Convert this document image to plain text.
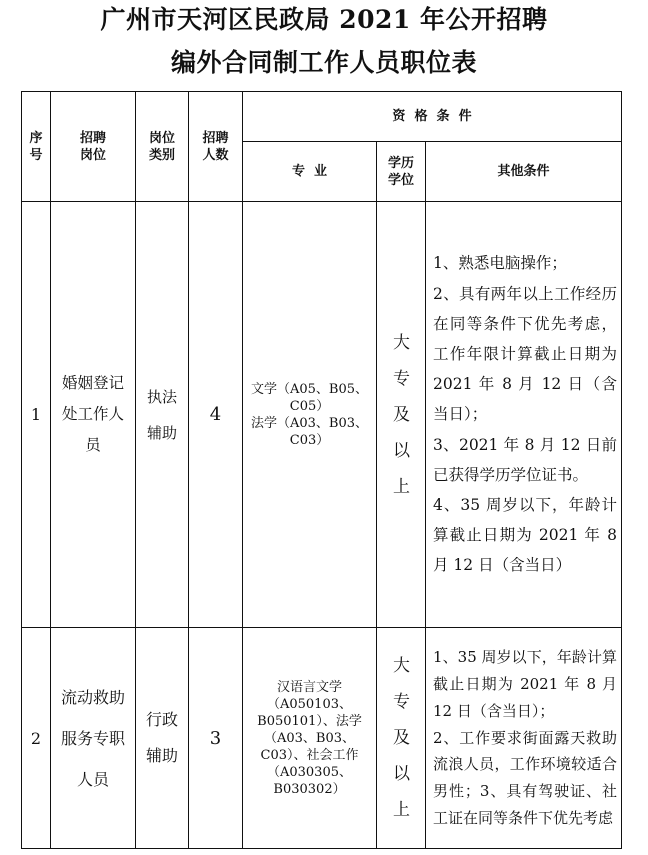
广州市天河区民政局 2021 年公开招聘
编外合同制工作人员职位表
序号
招聘岗位
岗位类别
招聘人数
资  格  条  件
专  业
学历学位
其他条件
1
婚姻登记处工作人员
执法辅助
4
文学（A05、B05、C05）
法学（A03、B03、C03）
大专及以上
1、熟悉电脑操作；
2、具有两年以上工作经历在同等条件下优先考虑，工作年限计算截止日期为 2021 年 8 月 12 日（含当日）；
3、2021 年 8 月 12 日前已获得学历学位证书。
4、35 周岁以下，年龄计算截止日期为 2021 年 8 月 12 日（含当日）
2
流动救助服务专职人员
行政辅助
3
汉语言文学
（A050103、B050101）、法学（A03、B03、C03）、社会工作（A030305、B030302）
大专及以上
1、35 周岁以下，年龄计算截止日期为 2021 年 8 月 12 日（含当日）；
2、工作要求街面露天救助流浪人员，工作环境较适合男性；3、具有驾驶证、社工证在同等条件下优先考虑
